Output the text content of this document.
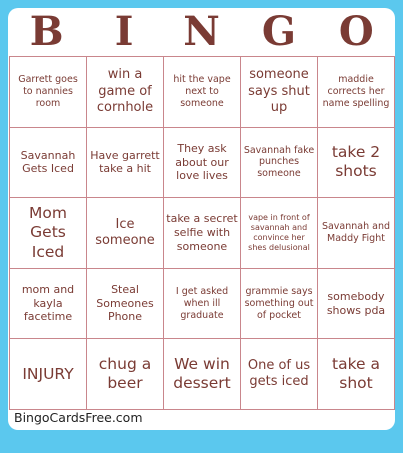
B	I	N	G	O
Garrett goes to nannies room
win a game of cornhole
hit the vape next to someone
someone says shut up
maddie corrects her name spelling
Savannah Gets Iced
Have garrett take a hit
They ask about our love lives
Savannah fake punches someone
take 2 shots
Mom Gets Iced
Ice someone
take a secret selfie with someone
vape in front of savannah and convince her shes delusional
Savannah and Maddy Fight
mom and kayla facetime
Steal Someones Phone
I get asked when ill graduate
grammie says something out of pocket
somebody shows pda
INJURY
chug a beer
We win dessert
One of us gets iced
take a shot
BingoCardsFree.com
